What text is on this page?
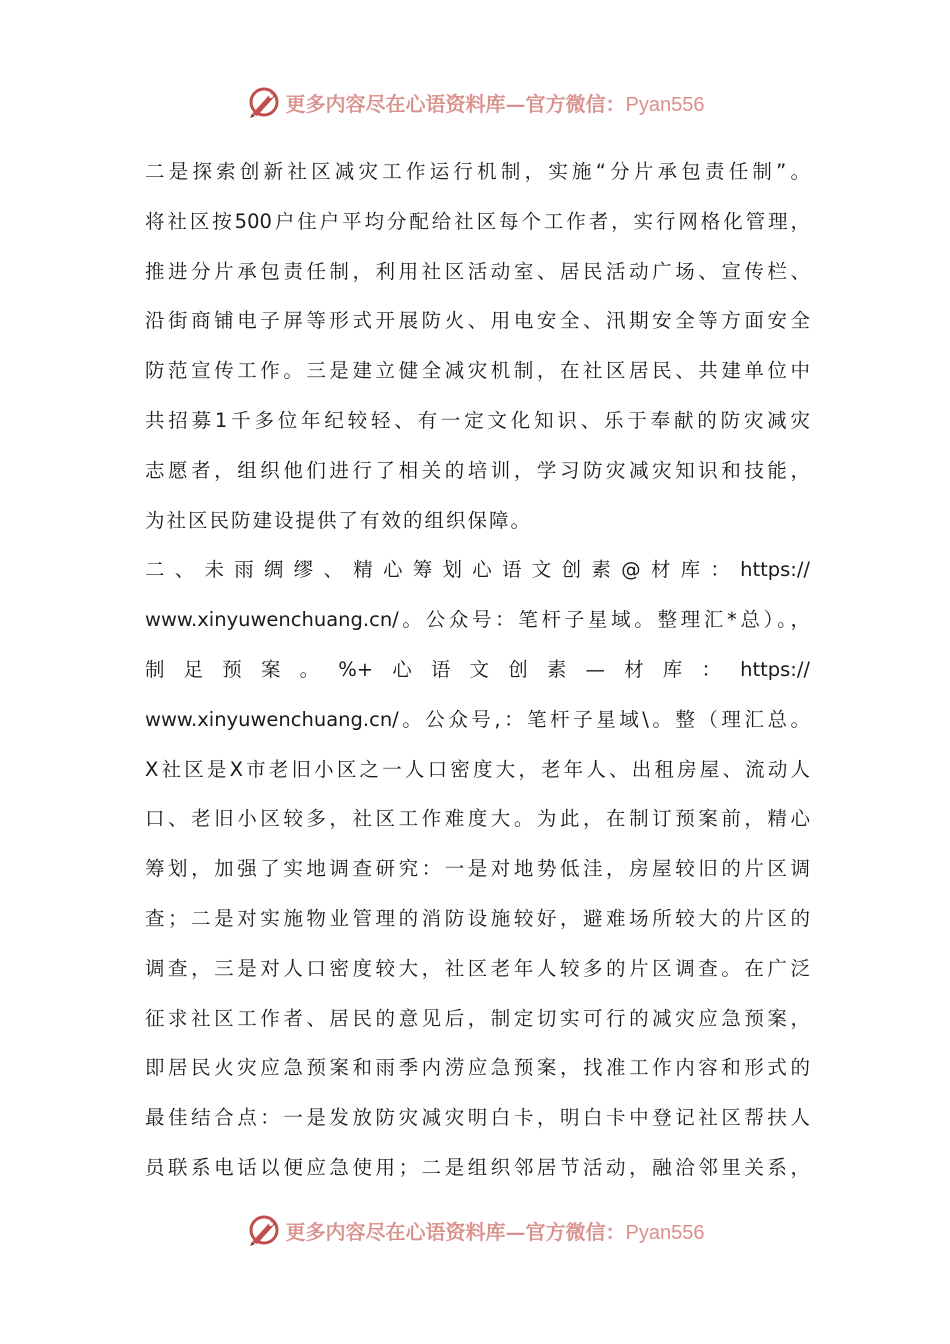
更多内容尽在心语资料库—官方微信：Pyan556
二是探索创新社区减灾工作运行机制，实施“分片承包责任制”。
将社区按500户住户平均分配给社区每个工作者，实行网格化管理，
推进分片承包责任制，利用社区活动室、居民活动广场、宣传栏、
沿街商铺电子屏等形式开展防火、用电安全、汛期安全等方面安全
防范宣传工作。三是建立健全减灾机制，在社区居民、共建单位中
共招募1千多位年纪较轻、有一定文化知识、乐于奉献的防灾减灾
志愿者，组织他们进行了相关的培训，学习防灾减灾知识和技能，
为社区民防建设提供了有效的组织保障。
二、未雨绸缪、精心筹划心语文创素@材库：https://
www.xinyuwenchuang.cn/。公众号：笔杆子星域。整理汇*总）。，
制足预案。%+心语文创素—材库：https://
www.xinyuwenchuang.cn/。公众号,：笔杆子星域\。整（理汇总。
X社区是X市老旧小区之一人口密度大，老年人、出租房屋、流动人
口、老旧小区较多，社区工作难度大。为此，在制订预案前，精心
筹划，加强了实地调查研究：一是对地势低洼，房屋较旧的片区调
查；二是对实施物业管理的消防设施较好，避难场所较大的片区的
调查，三是对人口密度较大，社区老年人较多的片区调查。在广泛
征求社区工作者、居民的意见后，制定切实可行的减灾应急预案，
即居民火灾应急预案和雨季内涝应急预案，找准工作内容和形式的
最佳结合点：一是发放防灾减灾明白卡，明白卡中登记社区帮扶人
员联系电话以便应急使用；二是组织邻居节活动，融洽邻里关系，
更多内容尽在心语资料库—官方微信：Pyan556
